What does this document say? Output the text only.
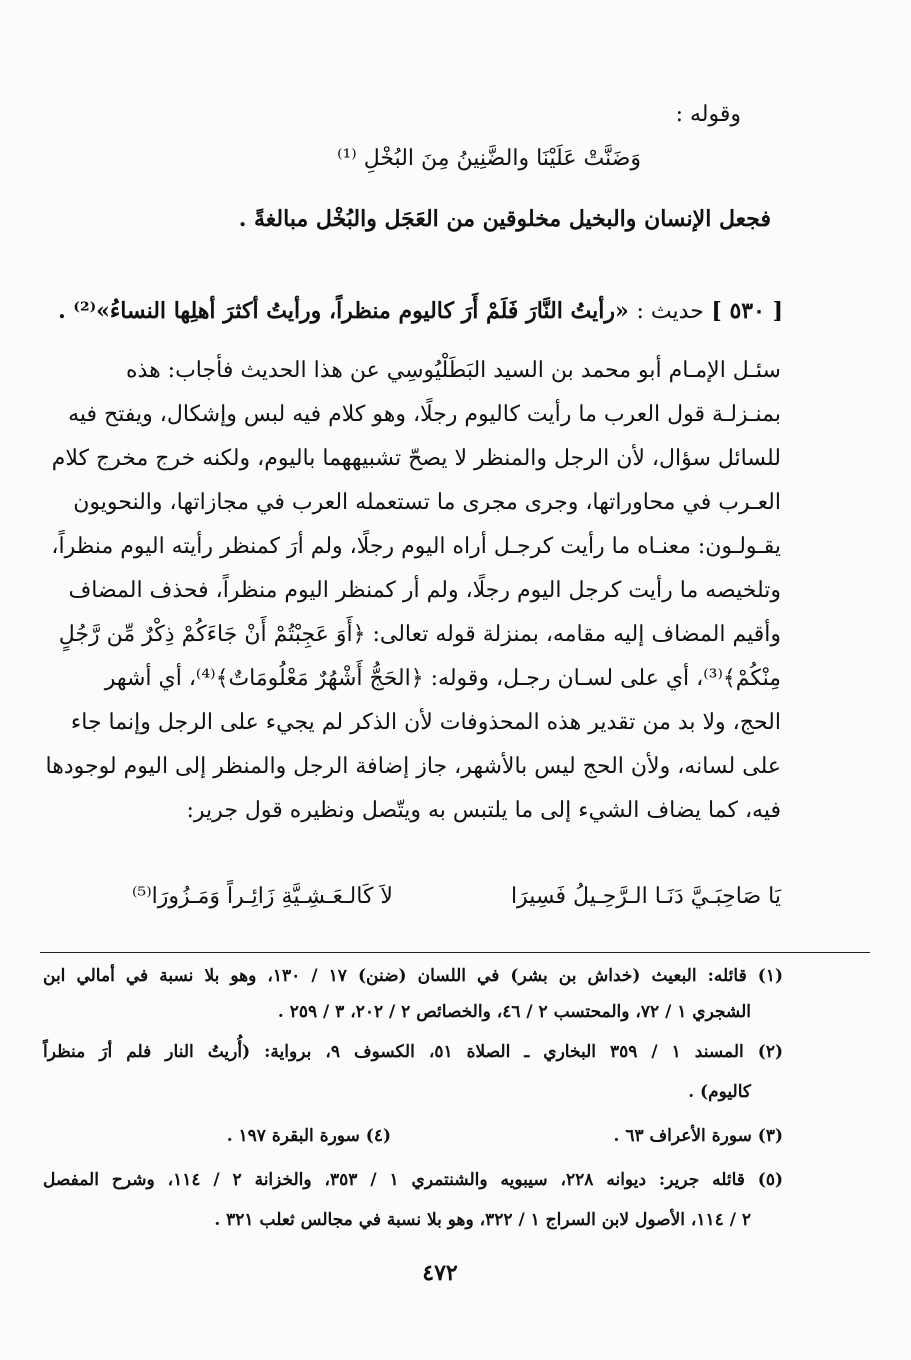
وقوله :
وَضَنَّتْ عَلَيْنَا والضَّنِينُ مِنَ البُخْلِ ⁽¹⁾
فجعل الإنسان والبخيل مخلوقين من العَجَل والبُخْل مبالغةً .
[ ٥٣٠ ] حديث : «رأيتُ النَّارَ فَلَمْ أَرَ كاليوم منظراً، ورأيتُ أكثرَ أهلِها النساءُ»⁽²⁾ .
سئـل الإمـام أبو محمد بن السيد البَطَلْيُوسِي عن هذا الحديث فأجاب: هذه
بمنـزلـة قول العرب ما رأيت كاليوم رجلًا، وهو كلام فيه لبس وإشكال، ويفتح فيه
للسائل سؤال، لأن الرجل والمنظر لا يصحّ تشبيههما باليوم، ولكنه خرج مخرج كلام
العـرب في محاوراتها، وجرى مجرى ما تستعمله العرب في مجازاتها، والنحويون
يقـولـون: معنـاه ما رأيت كرجـل أراه اليوم رجلًا، ولم أرَ كمنظر رأيته اليوم منظراً،
وتلخيصه ما رأيت كرجل اليوم رجلًا، ولم أر كمنظر اليوم منظراً، فحذف المضاف
وأقيم المضاف إليه مقامه، بمنزلة قوله تعالى: ﴿أَوَ عَجِبْتُمْ أَنْ جَاءَكُمْ ذِكْرٌ مِّن رَّجُلٍ
مِنْكُمْ﴾⁽³⁾، أي على لسـان رجـل، وقوله: ﴿الحَجُّ أَشْهُرٌ مَعْلُومَاتٌ﴾⁽⁴⁾، أي أشهر
الحج، ولا بد من تقدير هذه المحذوفات لأن الذكر لم يجيء على الرجل وإنما جاء
على لسانه، ولأن الحج ليس بالأشهر، جاز إضافة الرجل والمنظر إلى اليوم لوجودها
فيه، كما يضاف الشيء إلى ما يلتبس به ويتّصل ونظيره قول جرير:
يَا صَاحِبَـيَّ دَنَـا الـرَّحِـيلُ فَسِيرَا
لاَ كَالـعَـشِـيَّةِ زَائِـراً وَمَـزُورَا⁽⁵⁾
(١) قائله: البعيث (خداش بن بشر) في اللسان (ضنن) ١٧ / ١٣٠، وهو بلا نسبة في أمالي ابن
الشجري ١ / ٧٢، والمحتسب ٢ / ٤٦، والخصائص ٢ / ٢٠٢، ٣ / ٢٥٩ .
(٢) المسند ١ / ٣٥٩ البخاري ـ الصلاة ٥١، الكسوف ٩، برواية: (أُريتُ النار فلم أرَ منظراً
كاليوم) .
(٣) سورة الأعراف ٦٣ .
(٤) سورة البقرة ١٩٧ .
(٥) قائله جرير: ديوانه ٢٢٨، سيبويه والشنتمري ١ / ٣٥٣، والخزانة ٢ / ١١٤، وشرح المفصل
٢ / ١١٤، الأصول لابن السراج ١ / ٣٢٢، وهو بلا نسبة في مجالس ثعلب ٣٢١ .
٤٧٢
